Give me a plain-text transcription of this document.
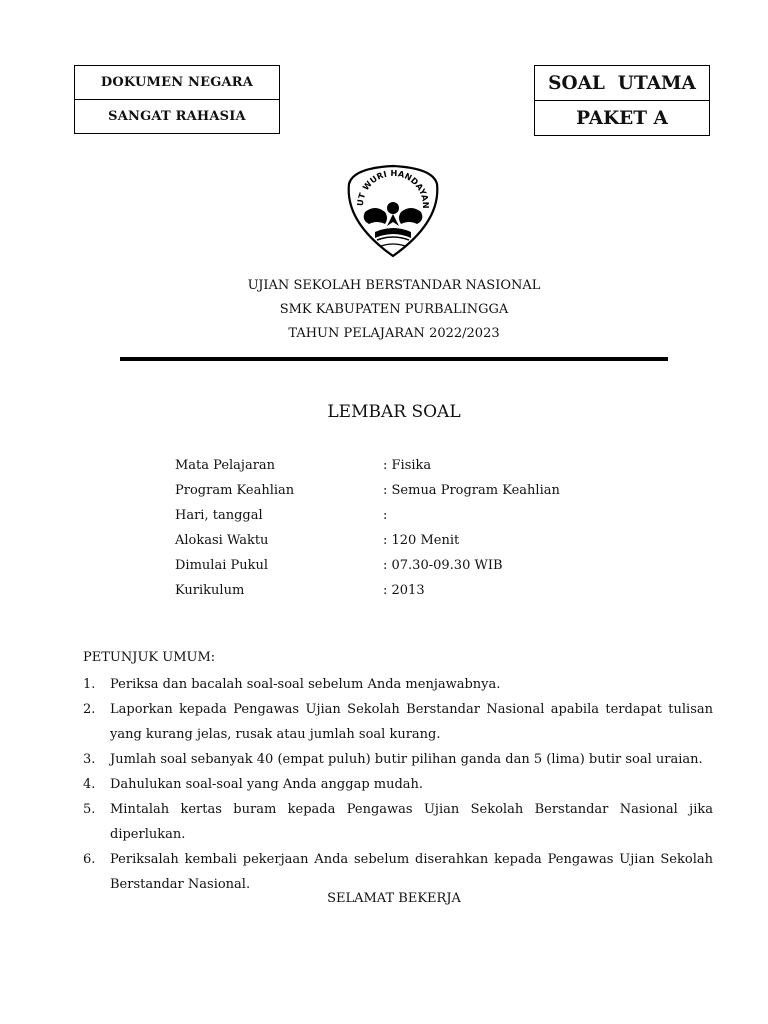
DOKUMEN NEGARA
SANGAT RAHASIA
SOAL  UTAMA
PAKET A
UT WURI HANDAYAN
UJIAN SEKOLAH BERSTANDAR NASIONAL
SMK KABUPATEN PURBALINGGA
TAHUN PELAJARAN 2022/2023
LEMBAR SOAL
Mata Pelajaran	: Fisika
Program Keahlian	: Semua Program Keahlian
Hari, tanggal	:
Alokasi Waktu	: 120 Menit
Dimulai Pukul	: 07.30-09.30 WIB
Kurikulum	: 2013
PETUNJUK UMUM:
1.	Periksa dan bacalah soal-soal sebelum Anda menjawabnya.
2.	Laporkan kepada Pengawas Ujian Sekolah Berstandar Nasional apabila terdapat tulisan yang kurang jelas, rusak atau jumlah soal kurang.
3.	Jumlah soal sebanyak 40 (empat puluh) butir pilihan ganda dan 5 (lima) butir soal uraian.
4.	Dahulukan soal-soal yang Anda anggap mudah.
5.	Mintalah kertas buram kepada Pengawas Ujian Sekolah Berstandar Nasional jika diperlukan.
6.	Periksalah kembali pekerjaan Anda sebelum diserahkan kepada Pengawas Ujian Sekolah Berstandar Nasional.
SELAMAT BEKERJA
